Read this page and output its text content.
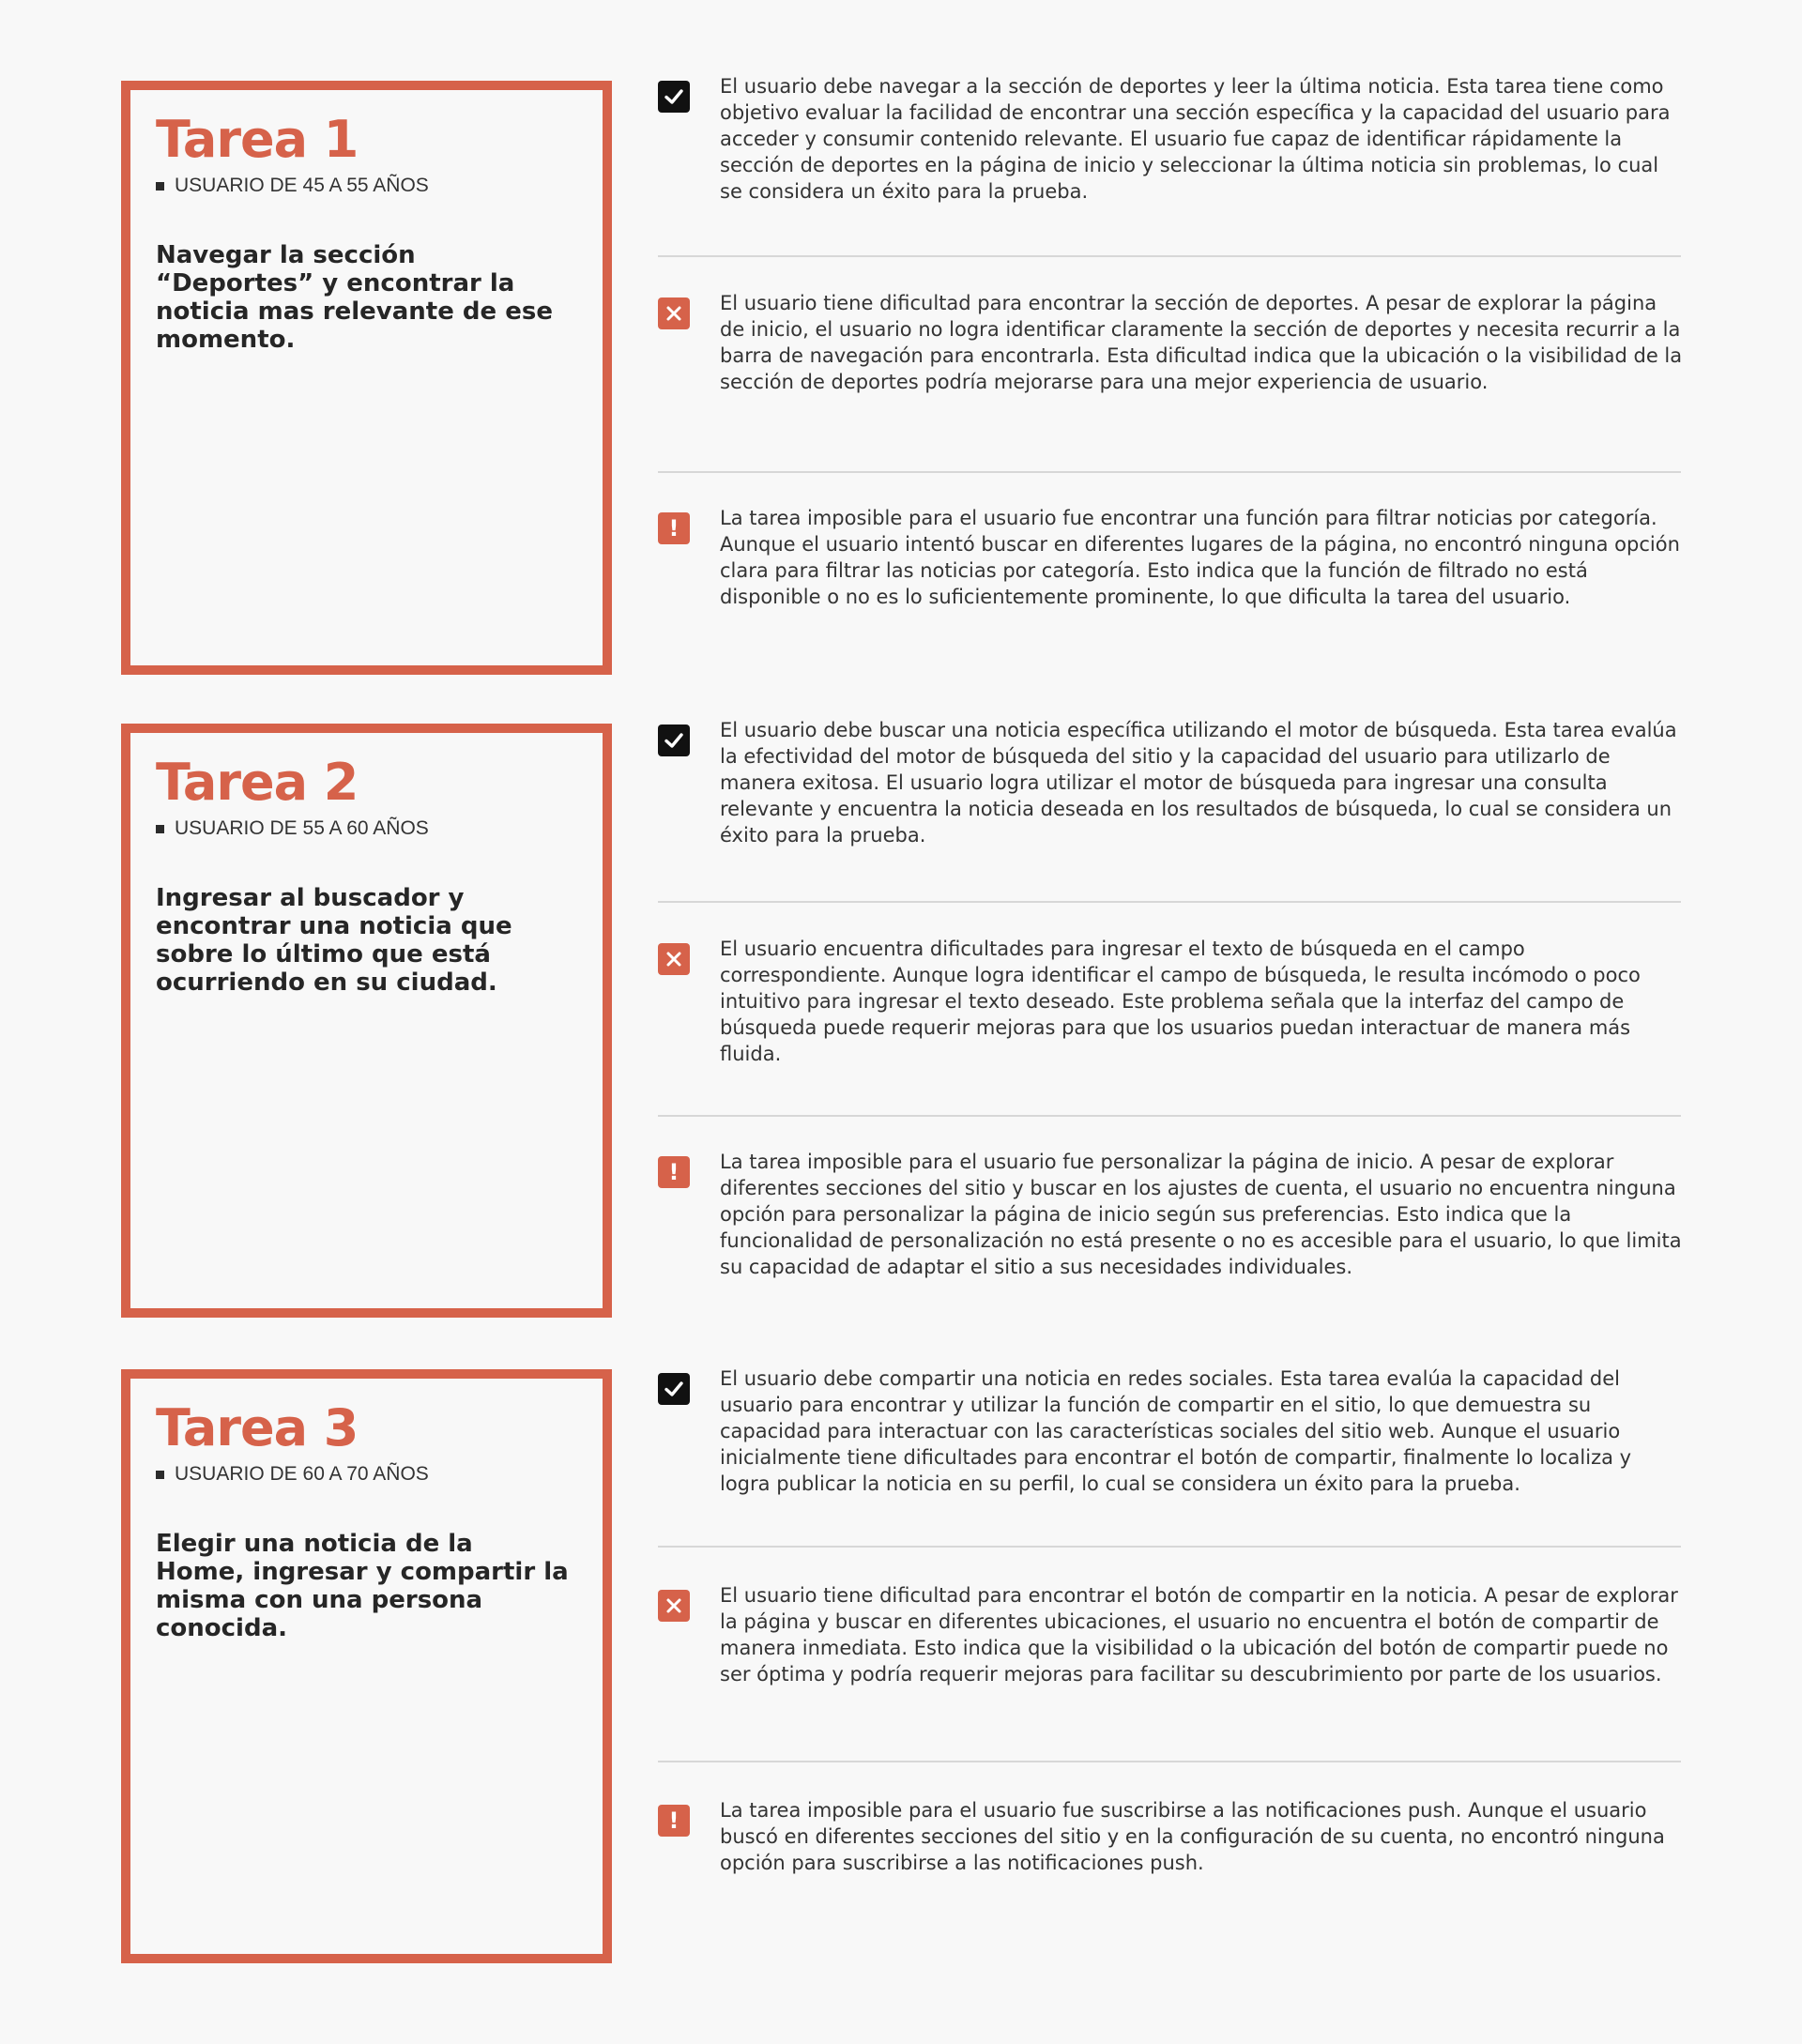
Tarea 1
USUARIO DE 45 A 55 AÑOS

Navegar la sección “Deportes” y encontrar la noticia mas relevante de ese momento.

El usuario debe navegar a la sección de deportes y leer la última noticia. Esta tarea tiene como objetivo evaluar la facilidad de encontrar una sección específica y la capacidad del usuario para acceder y consumir contenido relevante. El usuario fue capaz de identificar rápidamente la sección de deportes en la página de inicio y seleccionar la última noticia sin problemas, lo cual se considera un éxito para la prueba.

El usuario tiene dificultad para encontrar la sección de deportes. A pesar de explorar la página de inicio, el usuario no logra identificar claramente la sección de deportes y necesita recurrir a la barra de navegación para encontrarla. Esta dificultad indica que la ubicación o la visibilidad de la sección de deportes podría mejorarse para una mejor experiencia de usuario.

! La tarea imposible para el usuario fue encontrar una función para filtrar noticias por categoría. Aunque el usuario intentó buscar en diferentes lugares de la página, no encontró ninguna opción clara para filtrar las noticias por categoría. Esto indica que la función de filtrado no está disponible o no es lo suficientemente prominente, lo que dificulta la tarea del usuario.

Tarea 2
USUARIO DE 55 A 60 AÑOS

Ingresar al buscador y encontrar una noticia que sobre lo último que está ocurriendo en su ciudad.

El usuario debe buscar una noticia específica utilizando el motor de búsqueda. Esta tarea evalúa la efectividad del motor de búsqueda del sitio y la capacidad del usuario para utilizarlo de manera exitosa. El usuario logra utilizar el motor de búsqueda para ingresar una consulta relevante y encuentra la noticia deseada en los resultados de búsqueda, lo cual se considera un éxito para la prueba.

El usuario encuentra dificultades para ingresar el texto de búsqueda en el campo correspondiente. Aunque logra identificar el campo de búsqueda, le resulta incómodo o poco intuitivo para ingresar el texto deseado. Este problema señala que la interfaz del campo de búsqueda puede requerir mejoras para que los usuarios puedan interactuar de manera más fluida.

! La tarea imposible para el usuario fue personalizar la página de inicio. A pesar de explorar diferentes secciones del sitio y buscar en los ajustes de cuenta, el usuario no encuentra ninguna opción para personalizar la página de inicio según sus preferencias. Esto indica que la funcionalidad de personalización no está presente o no es accesible para el usuario, lo que limita su capacidad de adaptar el sitio a sus necesidades individuales.

Tarea 3
USUARIO DE 60 A 70 AÑOS

Elegir una noticia de la Home, ingresar y compartir la misma con una persona conocida.

El usuario debe compartir una noticia en redes sociales. Esta tarea evalúa la capacidad del usuario para encontrar y utilizar la función de compartir en el sitio, lo que demuestra su capacidad para interactuar con las características sociales del sitio web. Aunque el usuario inicialmente tiene dificultades para encontrar el botón de compartir, finalmente lo localiza y logra publicar la noticia en su perfil, lo cual se considera un éxito para la prueba.

El usuario tiene dificultad para encontrar el botón de compartir en la noticia. A pesar de explorar la página y buscar en diferentes ubicaciones, el usuario no encuentra el botón de compartir de manera inmediata. Esto indica que la visibilidad o la ubicación del botón de compartir puede no ser óptima y podría requerir mejoras para facilitar su descubrimiento por parte de los usuarios.

! La tarea imposible para el usuario fue suscribirse a las notificaciones push. Aunque el usuario buscó en diferentes secciones del sitio y en la configuración de su cuenta, no encontró ninguna opción para suscribirse a las notificaciones push.
